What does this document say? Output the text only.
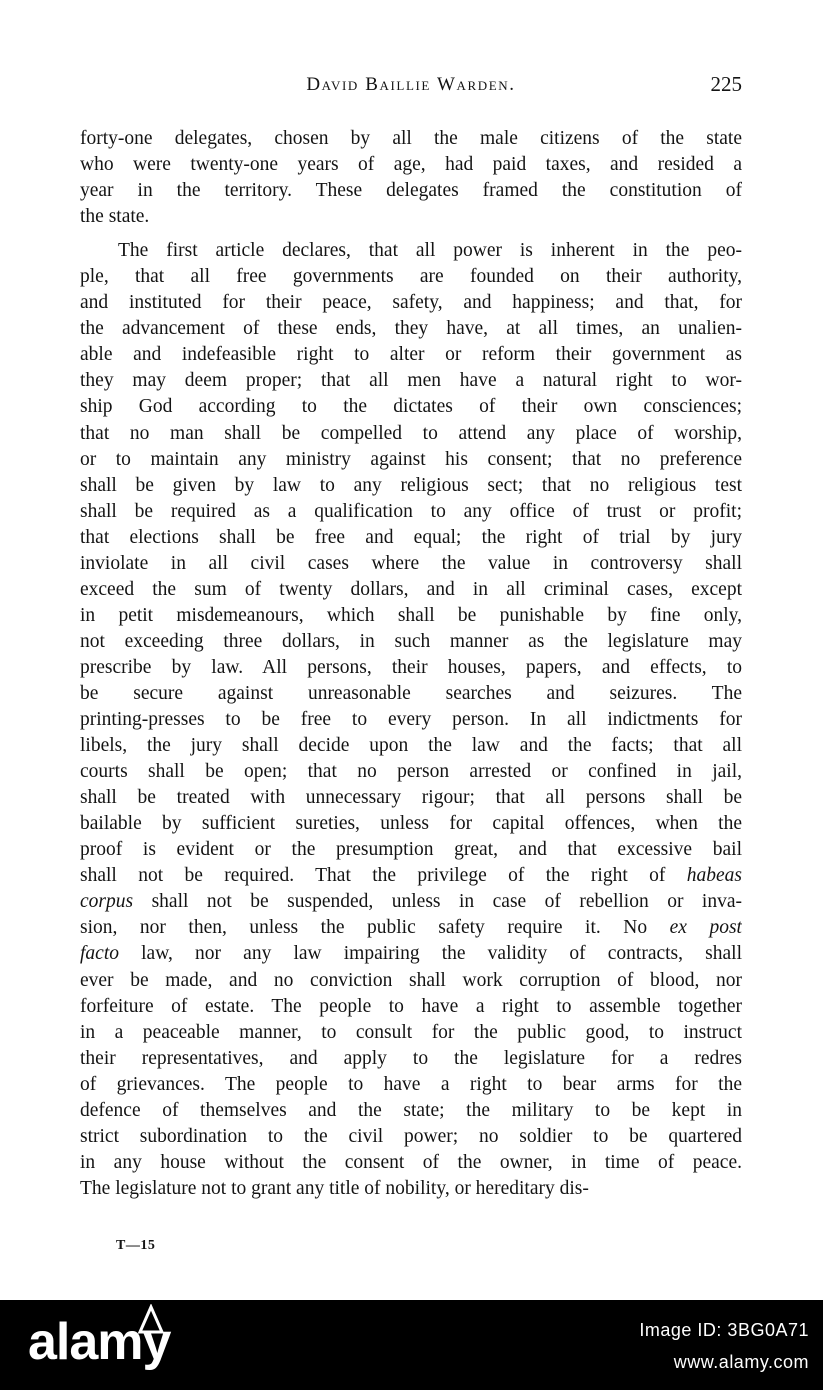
David Baillie Warden.	225
forty-one delegates, chosen by all the male citizens of the state
who were twenty-one years of age, had paid taxes, and resided a
year in the territory. These delegates framed the constitution of
the state.
The first article declares, that all power is inherent in the peo-
ple, that all free governments are founded on their authority,
and instituted for their peace, safety, and happiness; and that, for
the advancement of these ends, they have, at all times, an unalien-
able and indefeasible right to alter or reform their government as
they may deem proper; that all men have a natural right to wor-
ship God according to the dictates of their own consciences;
that no man shall be compelled to attend any place of worship,
or to maintain any ministry against his consent; that no preference
shall be given by law to any religious sect; that no religious test
shall be required as a qualification to any office of trust or profit;
that elections shall be free and equal; the right of trial by jury
inviolate in all civil cases where the value in controversy shall
exceed the sum of twenty dollars, and in all criminal cases, except
in petit misdemeanours, which shall be punishable by fine only,
not exceeding three dollars, in such manner as the legislature may
prescribe by law. All persons, their houses, papers, and effects, to
be secure against unreasonable searches and seizures. The
printing-presses to be free to every person. In all indictments for
libels, the jury shall decide upon the law and the facts; that all
courts shall be open; that no person arrested or confined in jail,
shall be treated with unnecessary rigour; that all persons shall be
bailable by sufficient sureties, unless for capital offences, when the
proof is evident or the presumption great, and that excessive bail
shall not be required. That the privilege of the right of habeas
corpus shall not be suspended, unless in case of rebellion or inva-
sion, nor then, unless the public safety require it. No ex post
facto law, nor any law impairing the validity of contracts, shall
ever be made, and no conviction shall work corruption of blood, nor
forfeiture of estate. The people to have a right to assemble together
in a peaceable manner, to consult for the public good, to instruct
their representatives, and apply to the legislature for a redres
of grievances. The people to have a right to bear arms for the
defence of themselves and the state; the military to be kept in
strict subordination to the civil power; no soldier to be quartered
in any house without the consent of the owner, in time of peace.
The legislature not to grant any title of nobility, or hereditary dis-
T—15
alamy	Image ID: 3BG0A71
www.alamy.com
